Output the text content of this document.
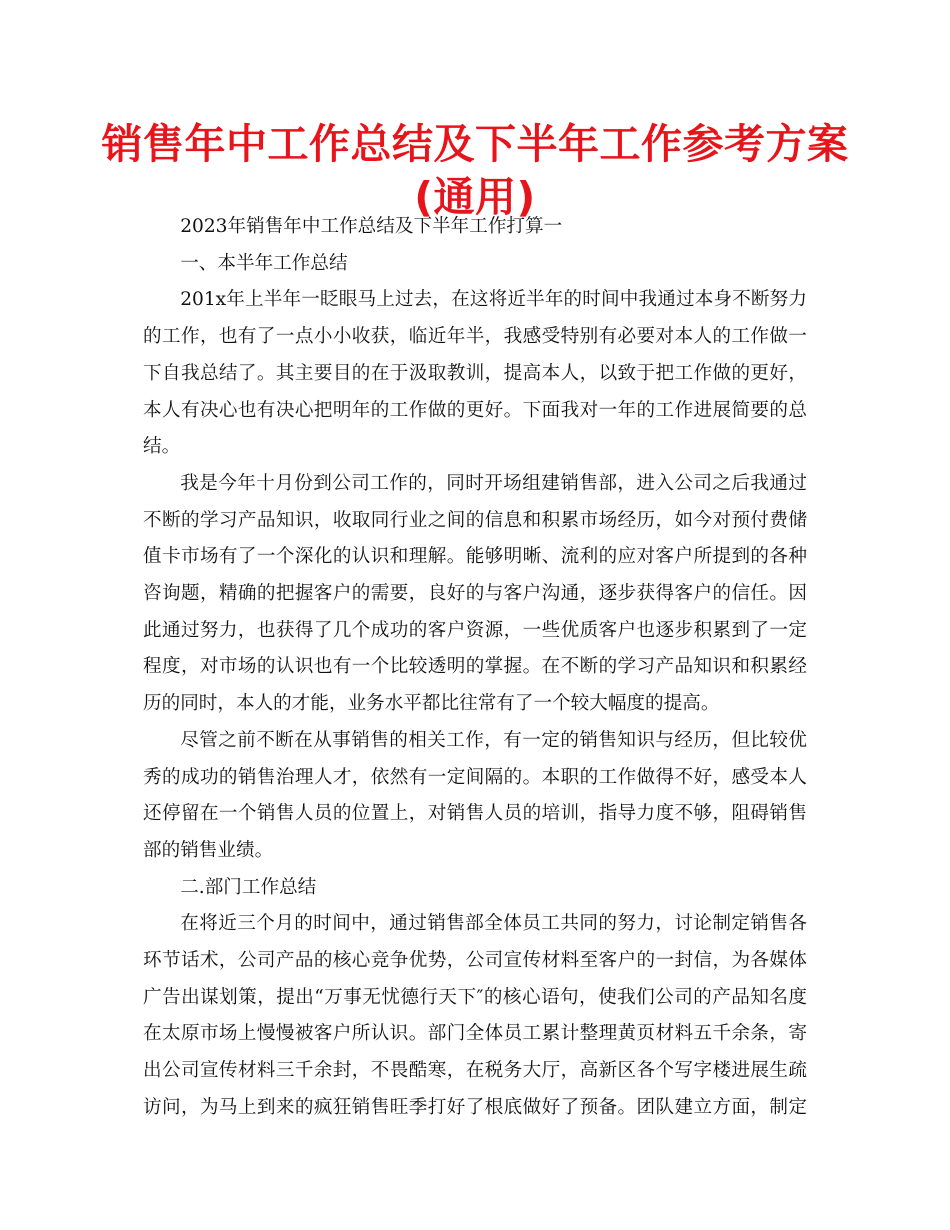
销售年中工作总结及下半年工作参考方案
(通用)
2023年销售年中工作总结及下半年工作打算一
一、本半年工作总结
201x年上半年一眨眼马上过去，在这将近半年的时间中我通过本身不断努力
的工作，也有了一点小小收获，临近年半，我感受特别有必要对本人的工作做一
下自我总结了。其主要目的在于汲取教训，提高本人，以致于把工作做的更好，
本人有决心也有决心把明年的工作做的更好。下面我对一年的工作进展简要的总
结。
我是今年十月份到公司工作的，同时开场组建销售部，进入公司之后我通过
不断的学习产品知识，收取同行业之间的信息和积累市场经历，如今对预付费储
值卡市场有了一个深化的认识和理解。能够明晰、流利的应对客户所提到的各种
咨询题，精确的把握客户的需要，良好的与客户沟通，逐步获得客户的信任。因
此通过努力，也获得了几个成功的客户资源，一些优质客户也逐步积累到了一定
程度，对市场的认识也有一个比较透明的掌握。在不断的学习产品知识和积累经
历的同时，本人的才能，业务水平都比往常有了一个较大幅度的提高。
尽管之前不断在从事销售的相关工作，有一定的销售知识与经历，但比较优
秀的成功的销售治理人才，依然有一定间隔的。本职的工作做得不好，感受本人
还停留在一个销售人员的位置上，对销售人员的培训，指导力度不够，阻碍销售
部的销售业绩。
二.部门工作总结
在将近三个月的时间中，通过销售部全体员工共同的努力，讨论制定销售各
环节话术，公司产品的核心竞争优势，公司宣传材料至客户的一封信，为各媒体
广告出谋划策，提出“万事无忧德行天下″的核心语句，使我们公司的产品知名度
在太原市场上慢慢被客户所认识。部门全体员工累计整理黄页材料五千余条，寄
出公司宣传材料三千余封，不畏酷寒，在税务大厅，高新区各个写字楼进展生疏
访问，为马上到来的疯狂销售旺季打好了根底做好了预备。团队建立方面，制定
